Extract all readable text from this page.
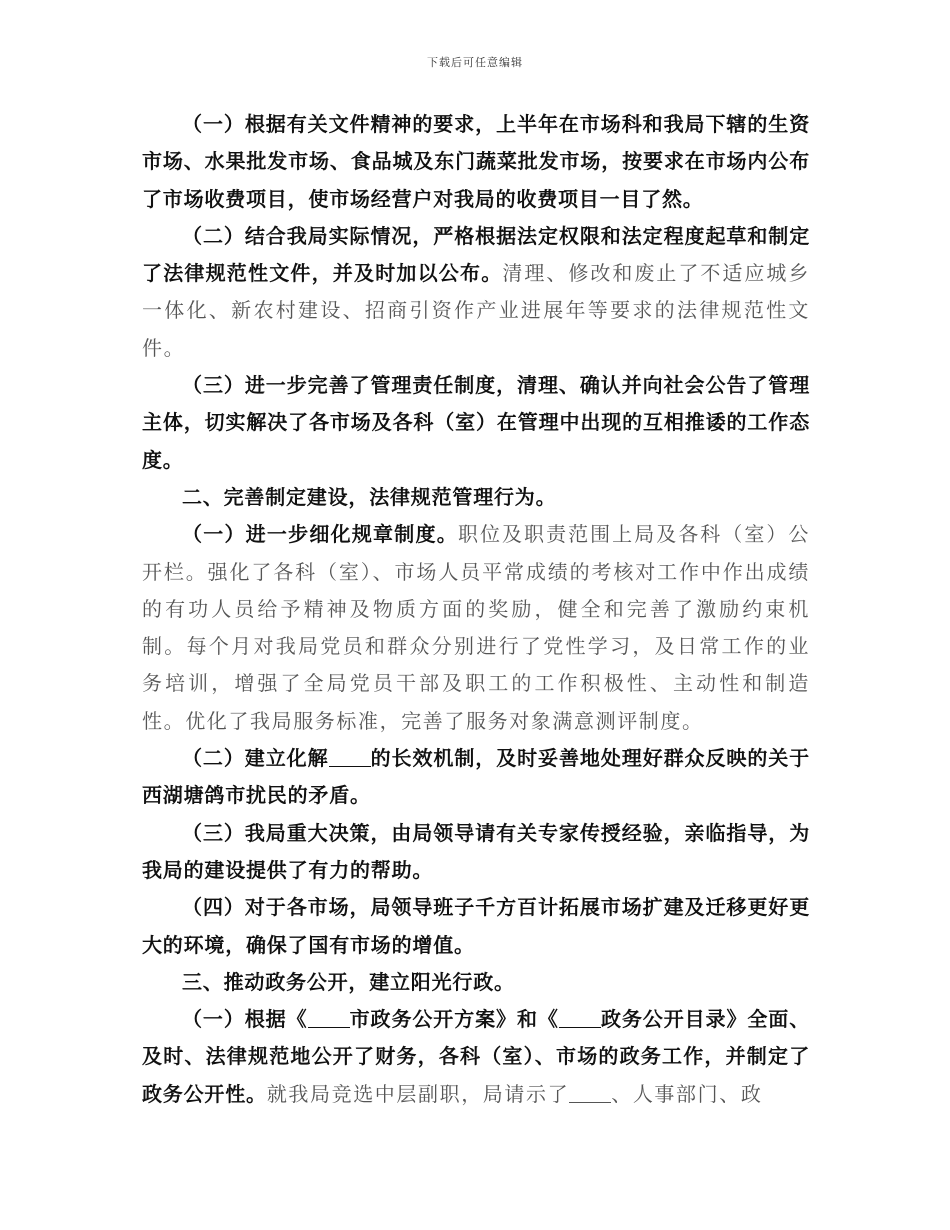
下载后可任意编辑

（一）根据有关文件精神的要求，上半年在市场科和我局下辖的生资市场、水果批发市场、食品城及东门蔬菜批发市场，按要求在市场内公布了市场收费项目，使市场经营户对我局的收费项目一目了然。

（二）结合我局实际情况，严格根据法定权限和法定程度起草和制定了法律规范性文件，并及时加以公布。清理、修改和废止了不适应城乡一体化、新农村建设、招商引资作产业进展年等要求的法律规范性文件。

（三）进一步完善了管理责任制度，清理、确认并向社会公告了管理主体，切实解决了各市场及各科（室）在管理中出现的互相推诿的工作态度。

二、完善制定建设，法律规范管理行为。

（一）进一步细化规章制度。职位及职责范围上局及各科（室）公开栏。强化了各科（室）、市场人员平常成绩的考核对工作中作出成绩的有功人员给予精神及物质方面的奖励，健全和完善了激励约束机制。每个月对我局党员和群众分别进行了党性学习，及日常工作的业务培训，增强了全局党员干部及职工的工作积极性、主动性和制造性。优化了我局服务标准，完善了服务对象满意测评制度。

（二）建立化解 的长效机制，及时妥善地处理好群众反映的关于西湖塘鸽市扰民的矛盾。

（三）我局重大决策，由局领导请有关专家传授经验，亲临指导，为我局的建设提供了有力的帮助。

（四）对于各市场，局领导班子千方百计拓展市场扩建及迁移更好更大的环境，确保了国有市场的增值。

三、推动政务公开，建立阳光行政。

（一）根据《 市政务公开方案》和《 政务公开目录》全面、及时、法律规范地公开了财务，各科（室）、市场的政务工作，并制定了政务公开性。就我局竞选中层副职，局请示了 、人事部门、政
